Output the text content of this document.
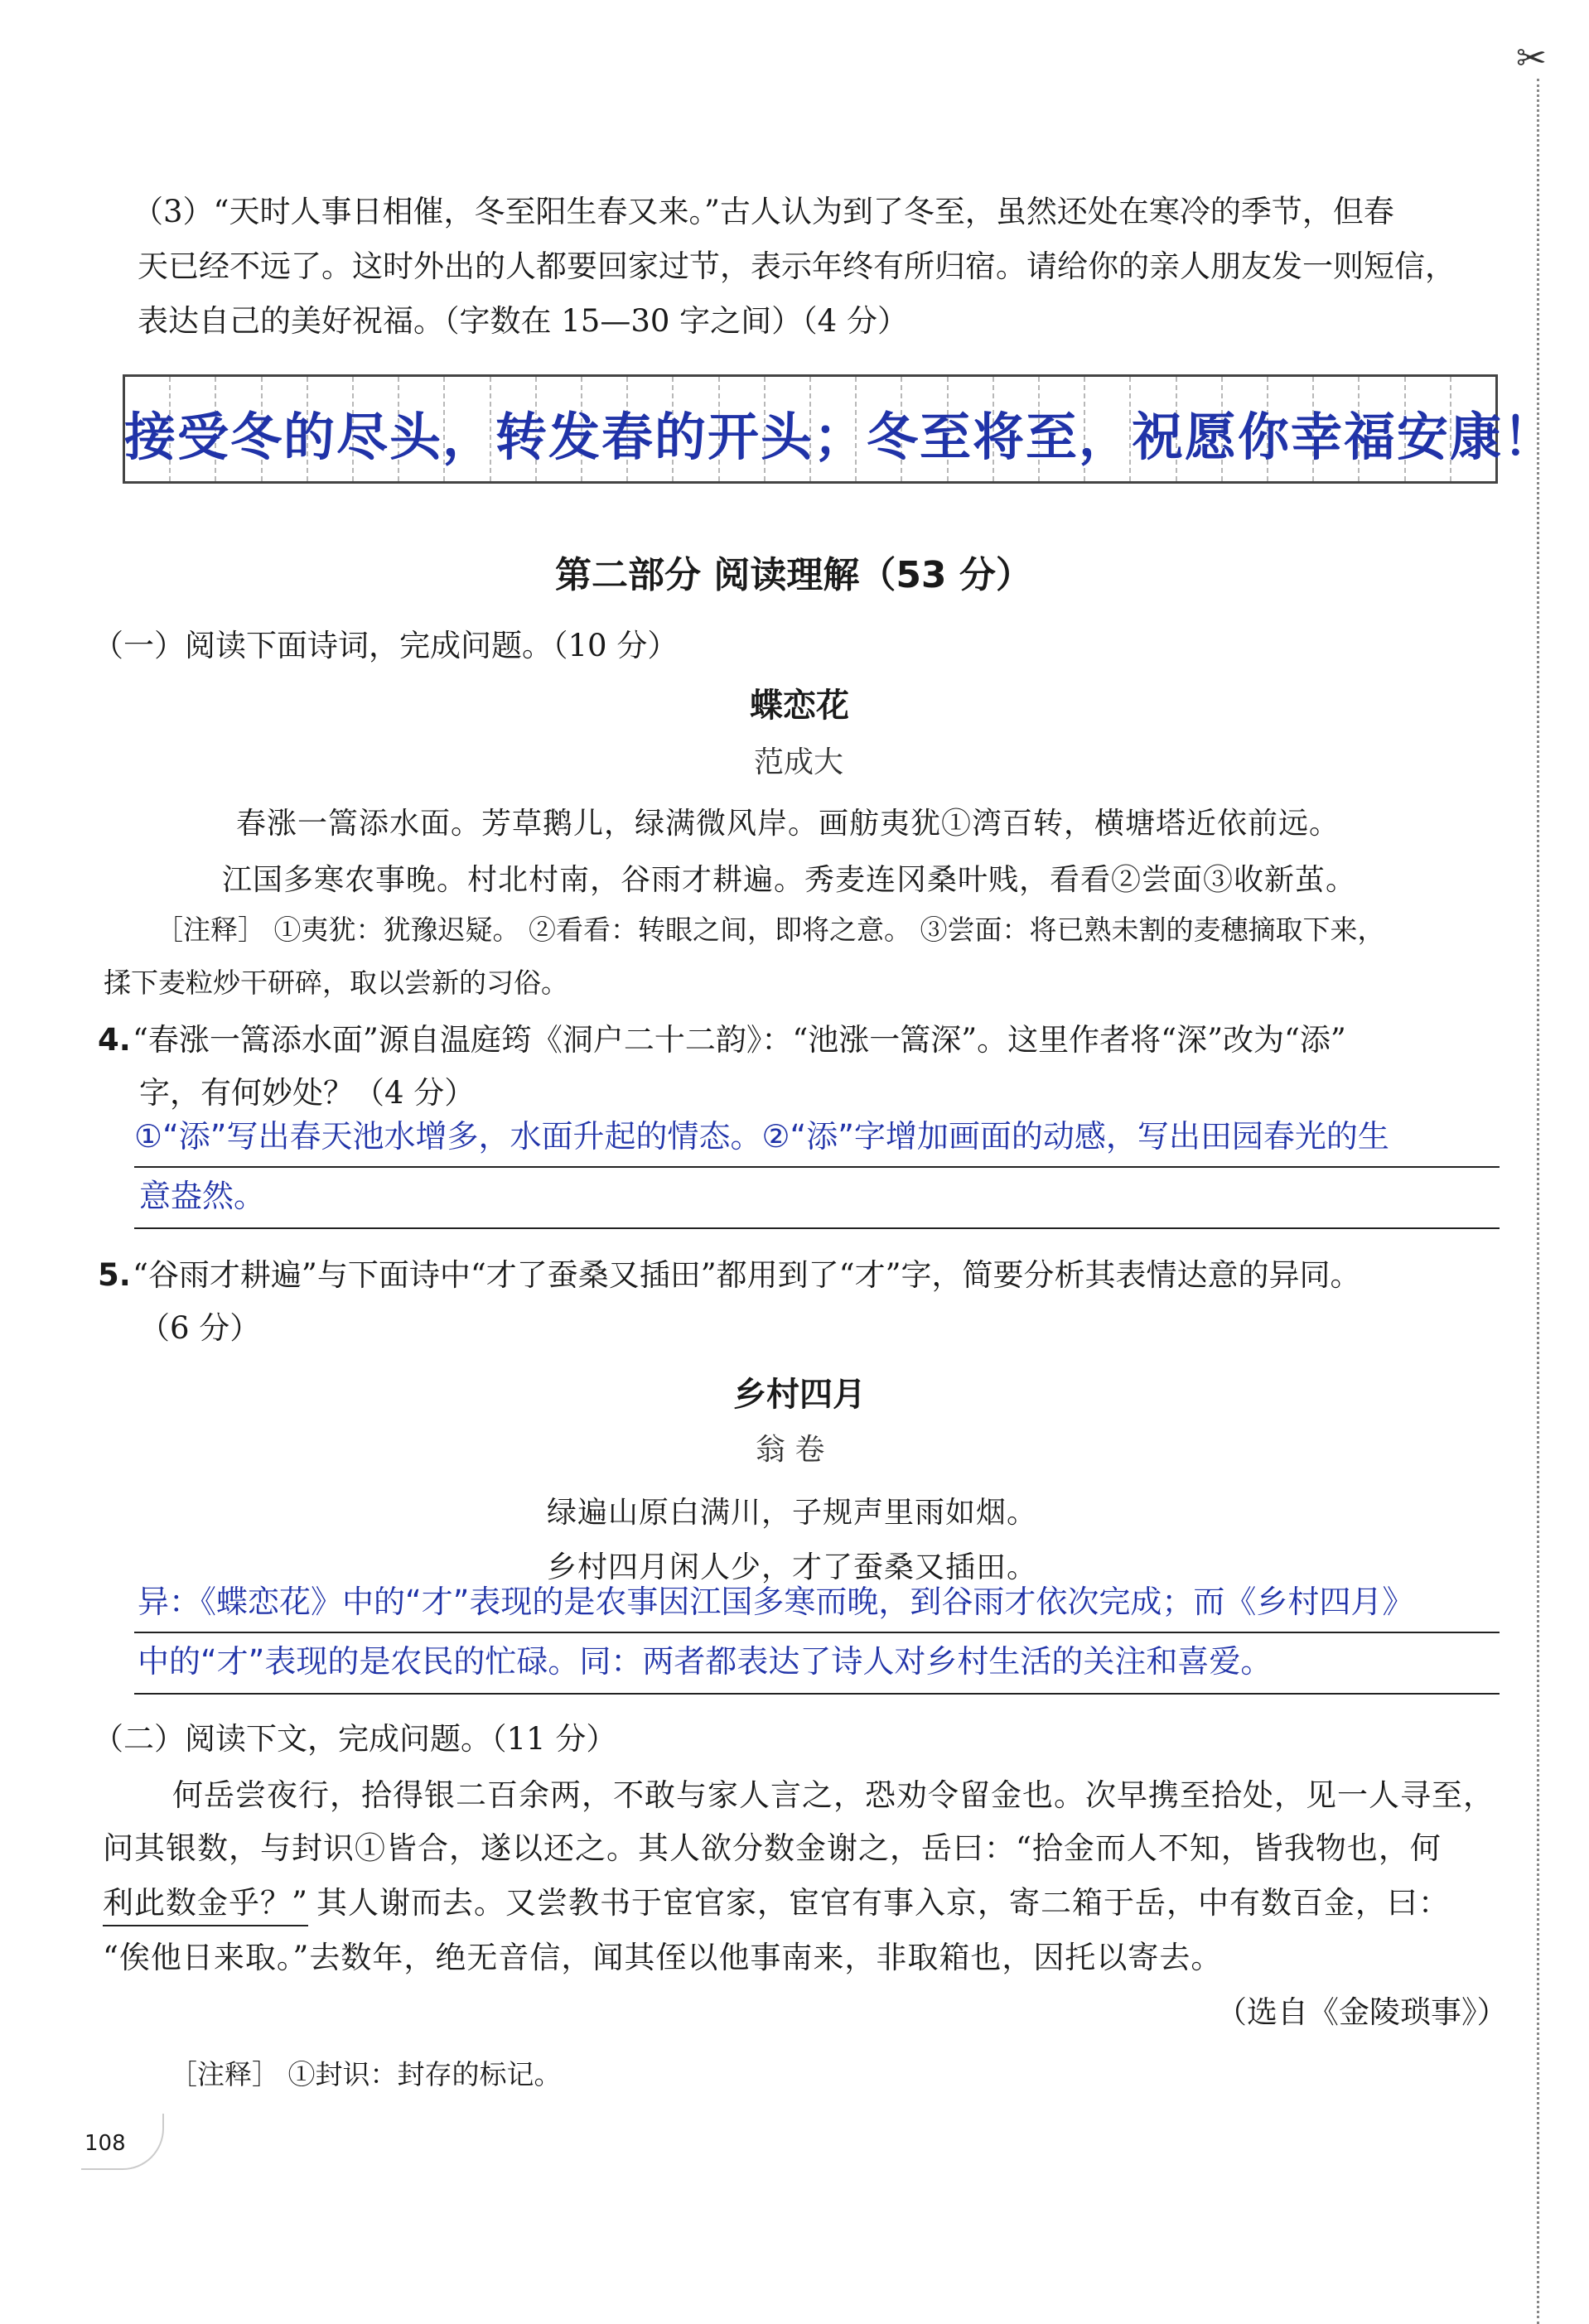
✂
（3）“天时人事日相催，冬至阳生春又来。”古人认为到了冬至，虽然还处在寒冷的季节，但春
天已经不远了。这时外出的人都要回家过节，表示年终有所归宿。请给你的亲人朋友发一则短信，
表达自己的美好祝福。（字数在 15—30 字之间）（4 分）
接受冬的尽头，转发春的开头；冬至将至，祝愿你幸福安康！
第二部分 阅读理解（53 分）
（一）阅读下面诗词，完成问题。（10 分）
蝶恋花
范成大
春涨一篙添水面。芳草鹅儿，绿满微风岸。画舫夷犹①湾百转，横塘塔近依前远。
江国多寒农事晚。村北村南，谷雨才耕遍。秀麦连冈桑叶贱，看看②尝面③收新茧。
［注释］ ①夷犹：犹豫迟疑。 ②看看：转眼之间，即将之意。 ③尝面：将已熟未割的麦穗摘取下来，
揉下麦粒炒干研碎，取以尝新的习俗。
4. “春涨一篙添水面”源自温庭筠《洞户二十二韵》：“池涨一篙深”。这里作者将“深”改为“添”
字，有何妙处？（4 分）
①“添”写出春天池水增多，水面升起的情态。②“添”字增加画面的动感，写出田园春光的生
意盎然。
5. “谷雨才耕遍”与下面诗中“才了蚕桑又插田”都用到了“才”字，简要分析其表情达意的异同。
（6 分）
乡村四月
翁 卷
绿遍山原白满川，子规声里雨如烟。
乡村四月闲人少，才了蚕桑又插田。
异：《蝶恋花》中的“才”表现的是农事因江国多寒而晚，到谷雨才依次完成；而《乡村四月》
中的“才”表现的是农民的忙碌。同：两者都表达了诗人对乡村生活的关注和喜爱。
（二）阅读下文，完成问题。（11 分）
何岳尝夜行，拾得银二百余两，不敢与家人言之，恐劝令留金也。次早携至拾处，见一人寻至，
问其银数，与封识①皆合，遂以还之。其人欲分数金谢之，岳曰：“拾金而人不知，皆我物也，何
利此数金乎？” 其人谢而去。又尝教书于宦官家，宦官有事入京，寄二箱于岳，中有数百金，曰：
“俟他日来取。”去数年，绝无音信，闻其侄以他事南来，非取箱也，因托以寄去。
（选自《金陵琐事》）
［注释］ ①封识：封存的标记。
108
